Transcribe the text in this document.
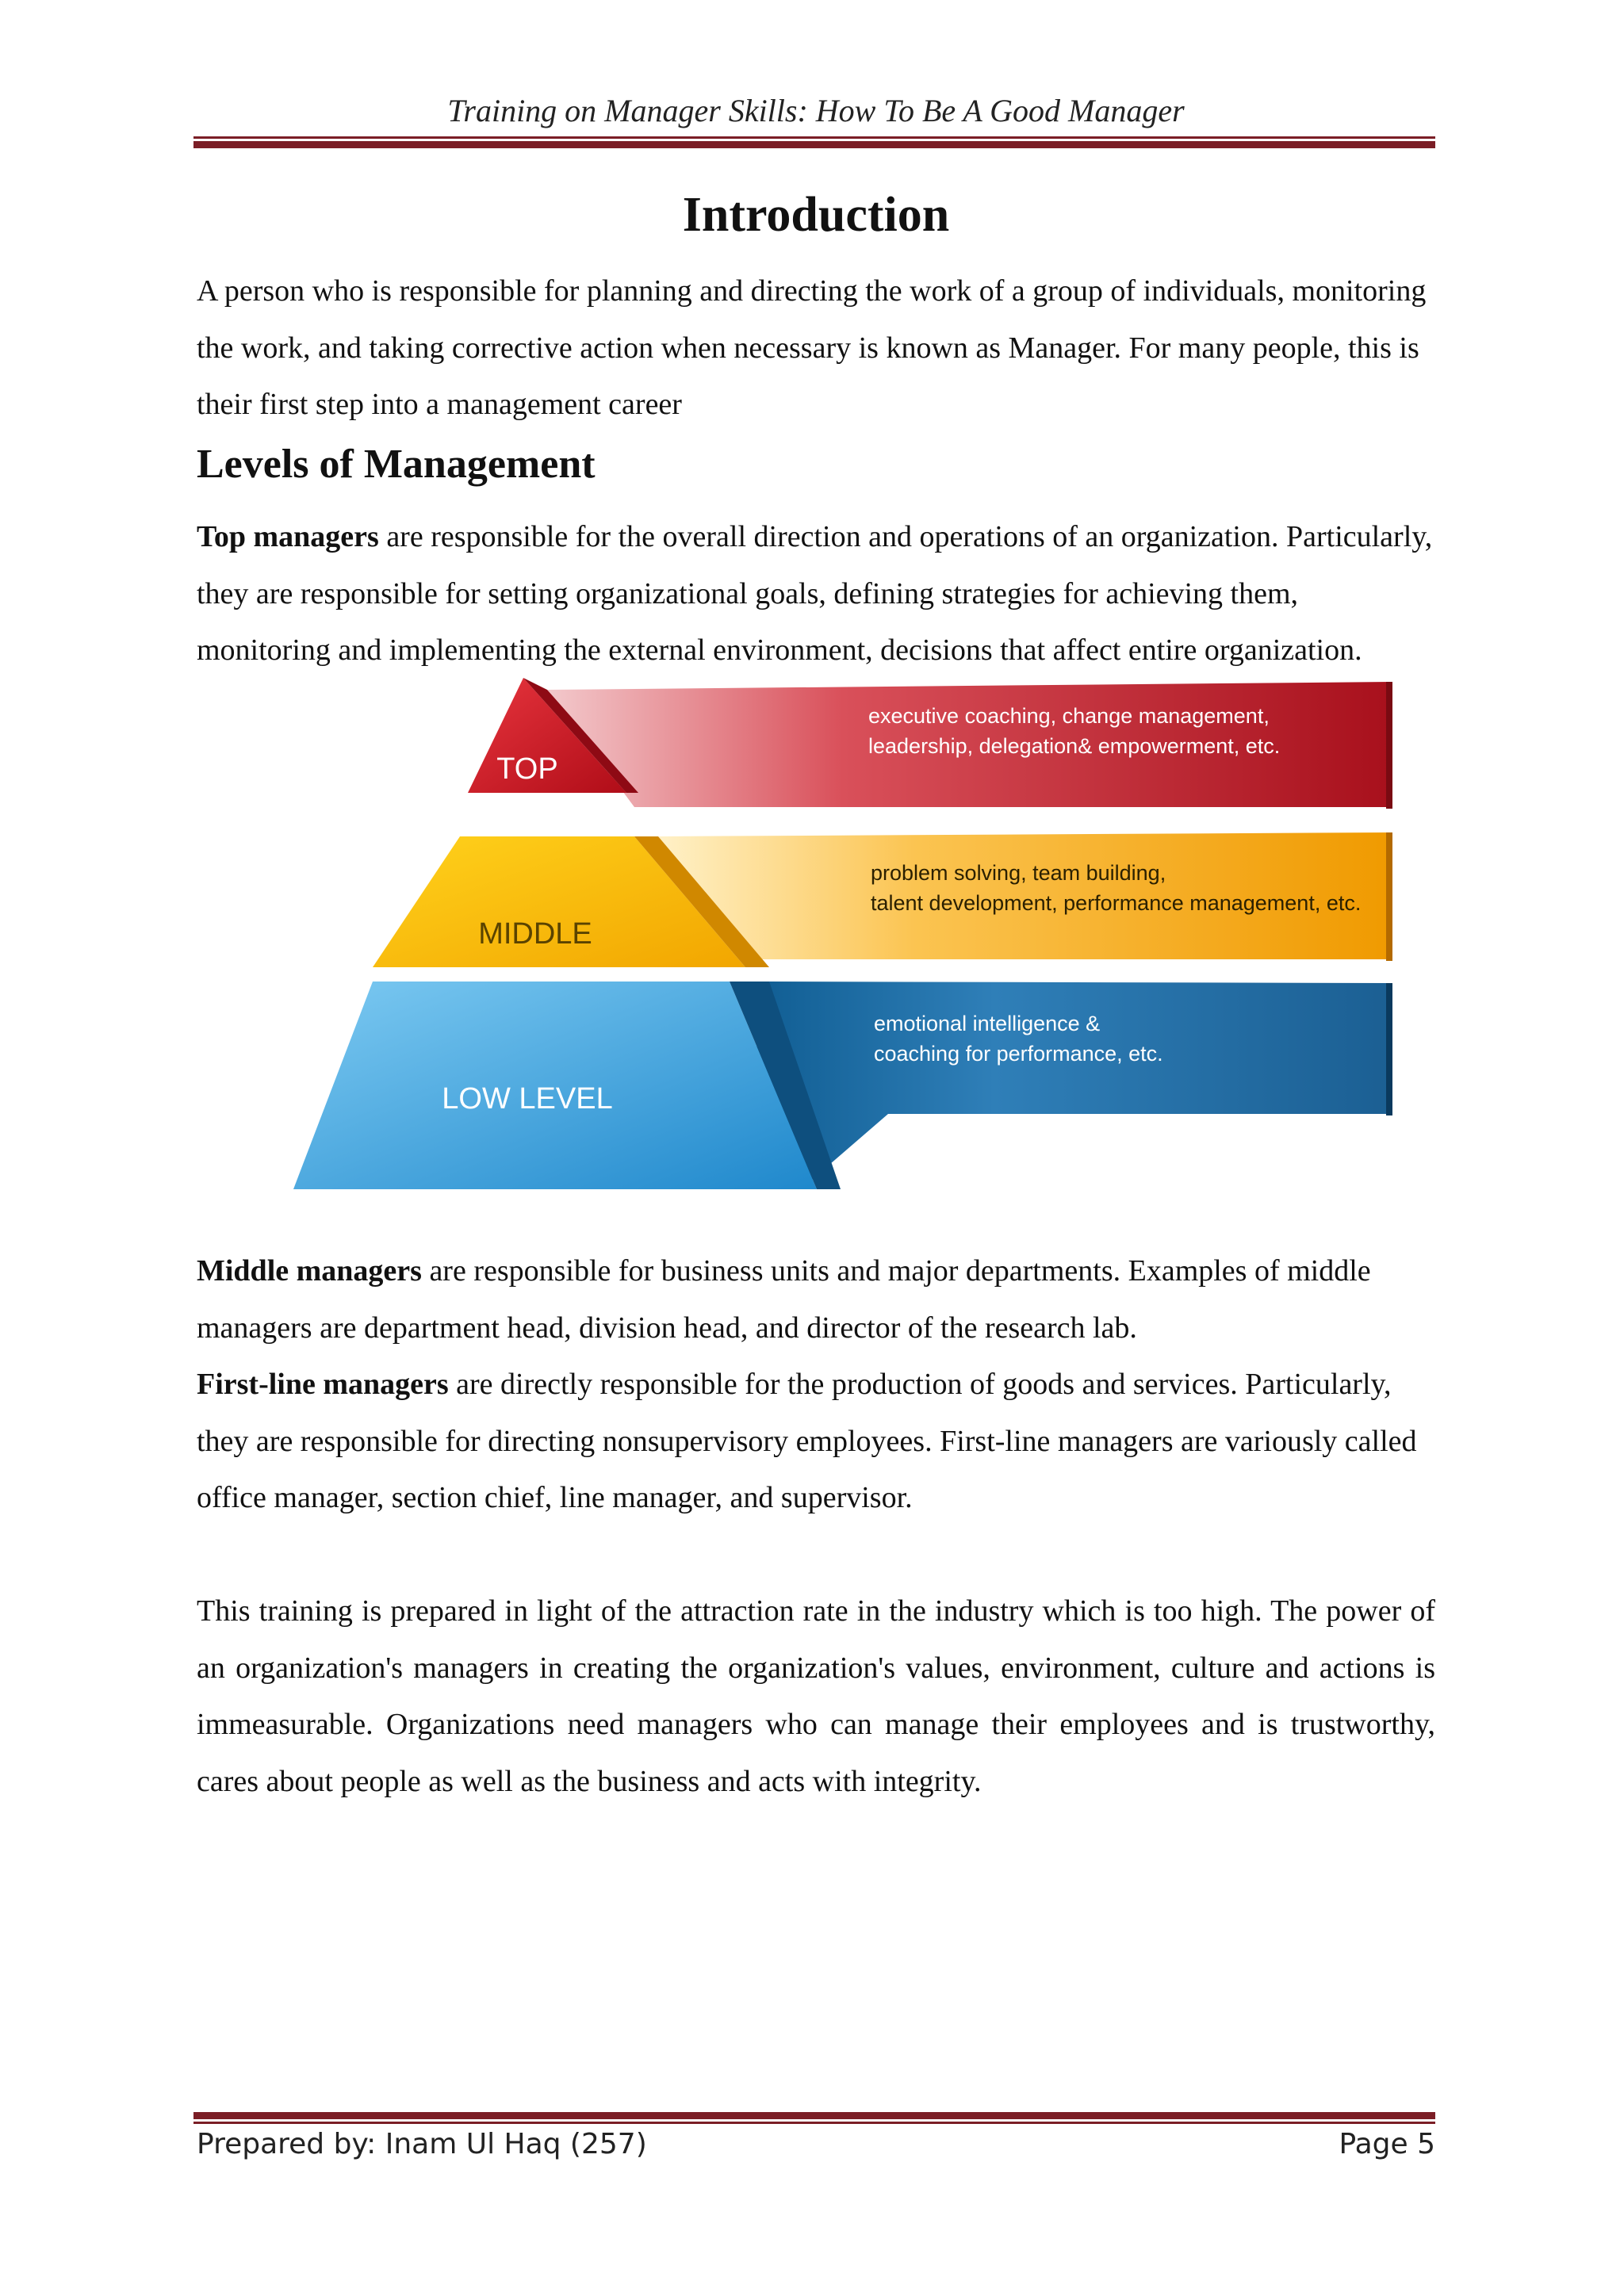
Training on Manager Skills: How To Be A Good Manager
Introduction
A person who is responsible for planning and directing the work of a group of individuals, monitoring the work, and taking corrective action when necessary is known as Manager. For many people, this is their first step into a management career
Levels of Management
Top managers are responsible for the overall direction and operations of an organization. Particularly, they are responsible for setting organizational goals, defining strategies for achieving them, monitoring and implementing the external environment, decisions that affect entire organization.
TOP
executive coaching, change management,
leadership, delegation& empowerment, etc.
MIDDLE
problem solving, team building,
talent development, performance management, etc.
LOW LEVEL
emotional intelligence &
coaching for performance, etc.
Middle managers are responsible for business units and major departments. Examples of middle managers are department head, division head, and director of the research lab.
First-line managers are directly responsible for the production of goods and services. Particularly, they are responsible for directing nonsupervisory employees. First-line managers are variously called office manager, section chief, line manager, and supervisor.
This training is prepared in light of the attraction rate in the industry which is too high. The power of an organization's managers in creating the organization's values, environment, culture and actions is immeasurable. Organizations need managers who can manage their employees and is trustworthy, cares about people as well as the business and acts with integrity.
Prepared by: Inam Ul Haq (257)	Page 5
